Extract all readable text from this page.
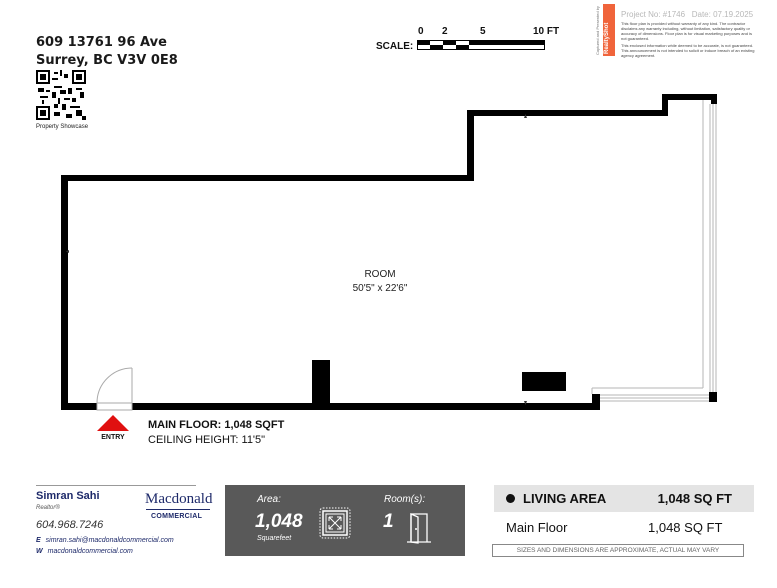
609 13761 96 Ave
Surrey, BC V3V 0E8
Property Showcase
0 2	5	10 FT
SCALE:	RealtyShot
Captured and Presented by	Project No: #1746 Date: 07.19.2025
This floor plan is provided without warranty of any kind. The contractor disclaims any warranty including, without limitation, satisfactory quality or accuracy of dimensions. Floor plan is for visual marketing purposes and is not guaranteed.
This enclosed information while deemed to be accurate, is not guaranteed. This announcement is not intended to solicit or induce breach of an existing agency agreement.
ROOM
50'5" x 22'6"
ENTRY
MAIN FLOOR: 1,048 SQFT
CEILING HEIGHT: 11'5"
Simran Sahi
Realtor®
604.968.7246
E simran.sahi@macdonaldcommercial.com
W macdonaldcommercial.com
Macdonald
COMMERCIAL
Area:
1,048
Squarefeet
Room(s):
1
LIVING AREA	1,048 SQ FT
Main Floor	1,048 SQ FT
SIZES AND DIMENSIONS ARE APPROXIMATE, ACTUAL MAY VARY
